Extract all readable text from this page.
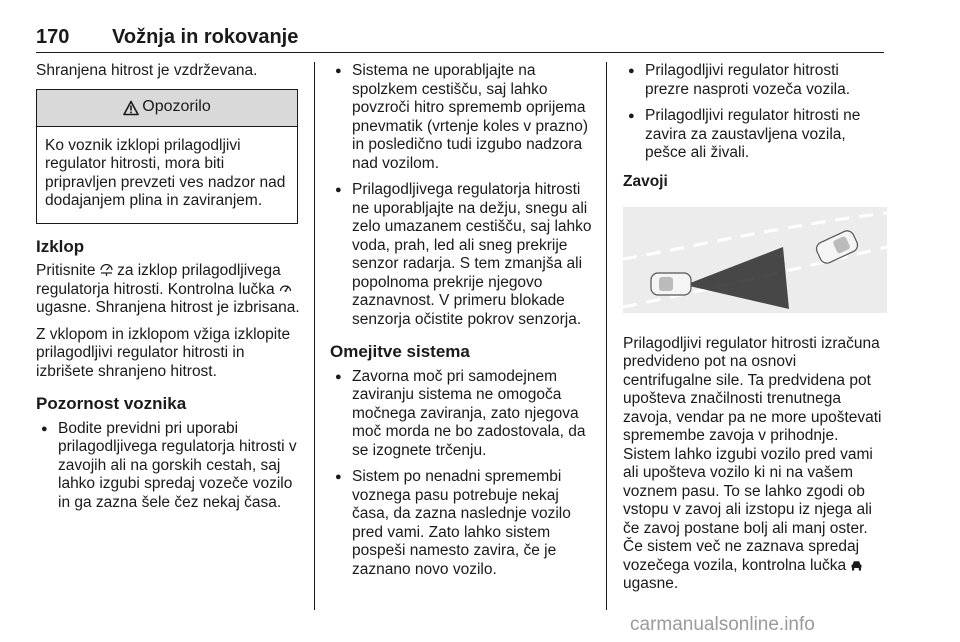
170 Vožnja in rokovanje

Shranjena hitrost je vzdrževana.

Opozorilo
Ko voznik izklopi prilagodljivi regulator hitrosti, mora biti pripravljen prevzeti ves nadzor nad dodajanjem plina in zaviranjem.
Izklop

Pritisnite za izklop prilagodljivega regulatorja hitrosti. Kontrolna lučka  ugasne. Shranjena hitrost je izbrisana.

Z vklopom in izklopom vžiga izklopite prilagodljivi regulator hitrosti in izbrišete shranjeno hitrost.

Pozornost voznika
● Bodite previdni pri uporabi prilagodljivega regulatorja hitrosti v zavojih ali na gorskih cestah, saj lahko izgubi spredaj vozeče vozilo in ga zazna šele čez nekaj časa.
● Sistema ne uporabljajte na spolzkem cestišču, saj lahko povzroči hitro sprememb oprijema pnevmatik (vrtenje koles v prazno) in posledično tudi izgubo nadzora nad vozilom.
● Prilagodljivega regulatorja hitrosti ne uporabljajte na dežju, snegu ali zelo umazanem cestišču, saj lahko voda, prah, led ali sneg prekrije senzor radarja. S tem zmanjša ali popolnoma prekrije njegovo zaznavnost. V primeru blokade senzorja očistite pokrov senzorja.
Omejitve sistema
● Zavorna moč pri samodejnem zaviranju sistema ne omogoča močnega zaviranja, zato njegova moč morda ne bo zadostovala, da se izognete trčenju.
● Sistem po nenadni spremembi voznega pasu potrebuje nekaj časa, da zazna naslednje vozilo pred vami. Zato lahko sistem pospeši namesto zavira, če je zaznano novo vozilo.
● Prilagodljivi regulator hitrosti prezre nasproti vozeča vozila.
● Prilagodljivi regulator hitrosti ne zavira za zaustavljena vozila, pešce ali živali.
Zavoji

Prilagodljivi regulator hitrosti izračuna predvideno pot na osnovi centrifugalne sile. Ta predvidena pot upošteva značilnosti trenutnega zavoja, vendar pa ne more upoštevati spremembe zavoja v prihodnje. Sistem lahko izgubi vozilo pred vami ali upošteva vozilo ki ni na vašem voznem pasu. To se lahko zgodi ob vstopu v zavoj ali izstopu iz njega ali če zavoj postane bolj ali manj oster. Če sistem več ne zaznava spredaj vozečega vozila, kontrolna lučka  ugasne.

carmanualsonline.info
